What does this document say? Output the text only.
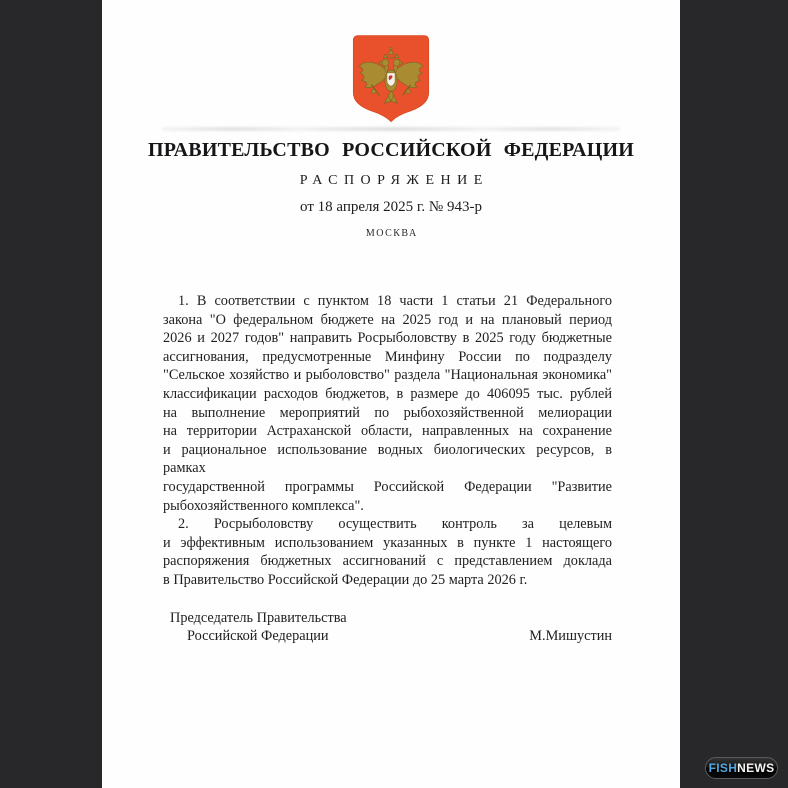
ПРАВИТЕЛЬСТВО РОССИЙСКОЙ ФЕДЕРАЦИИ
РАСПОРЯЖЕНИЕ
от 18 апреля 2025 г. № 943-р
МОСКВА
1. В соответствии с пунктом 18 части 1 статьи 21 Федерального
закона "О федеральном бюджете на 2025 год и на плановый период
2026 и 2027 годов" направить Росрыболовству в 2025 году бюджетные
ассигнования, предусмотренные Минфину России по подразделу
"Сельское хозяйство и рыболовство" раздела "Национальная экономика"
классификации расходов бюджетов, в размере до 406095 тыс. рублей
на выполнение мероприятий по рыбохозяйственной мелиорации
на территории Астраханской области, направленных на сохранение
и рациональное использование водных биологических ресурсов, в рамках
государственной программы Российской Федерации "Развитие
рыбохозяйственного комплекса".
2. Росрыболовству осуществить контроль за целевым
и эффективным использованием указанных в пункте 1 настоящего
распоряжения бюджетных ассигнований с представлением доклада
в Правительство Российской Федерации до 25 марта 2026 г.
Председатель Правительства
Российской Федерации	М.Мишустин
FISH NEWS
